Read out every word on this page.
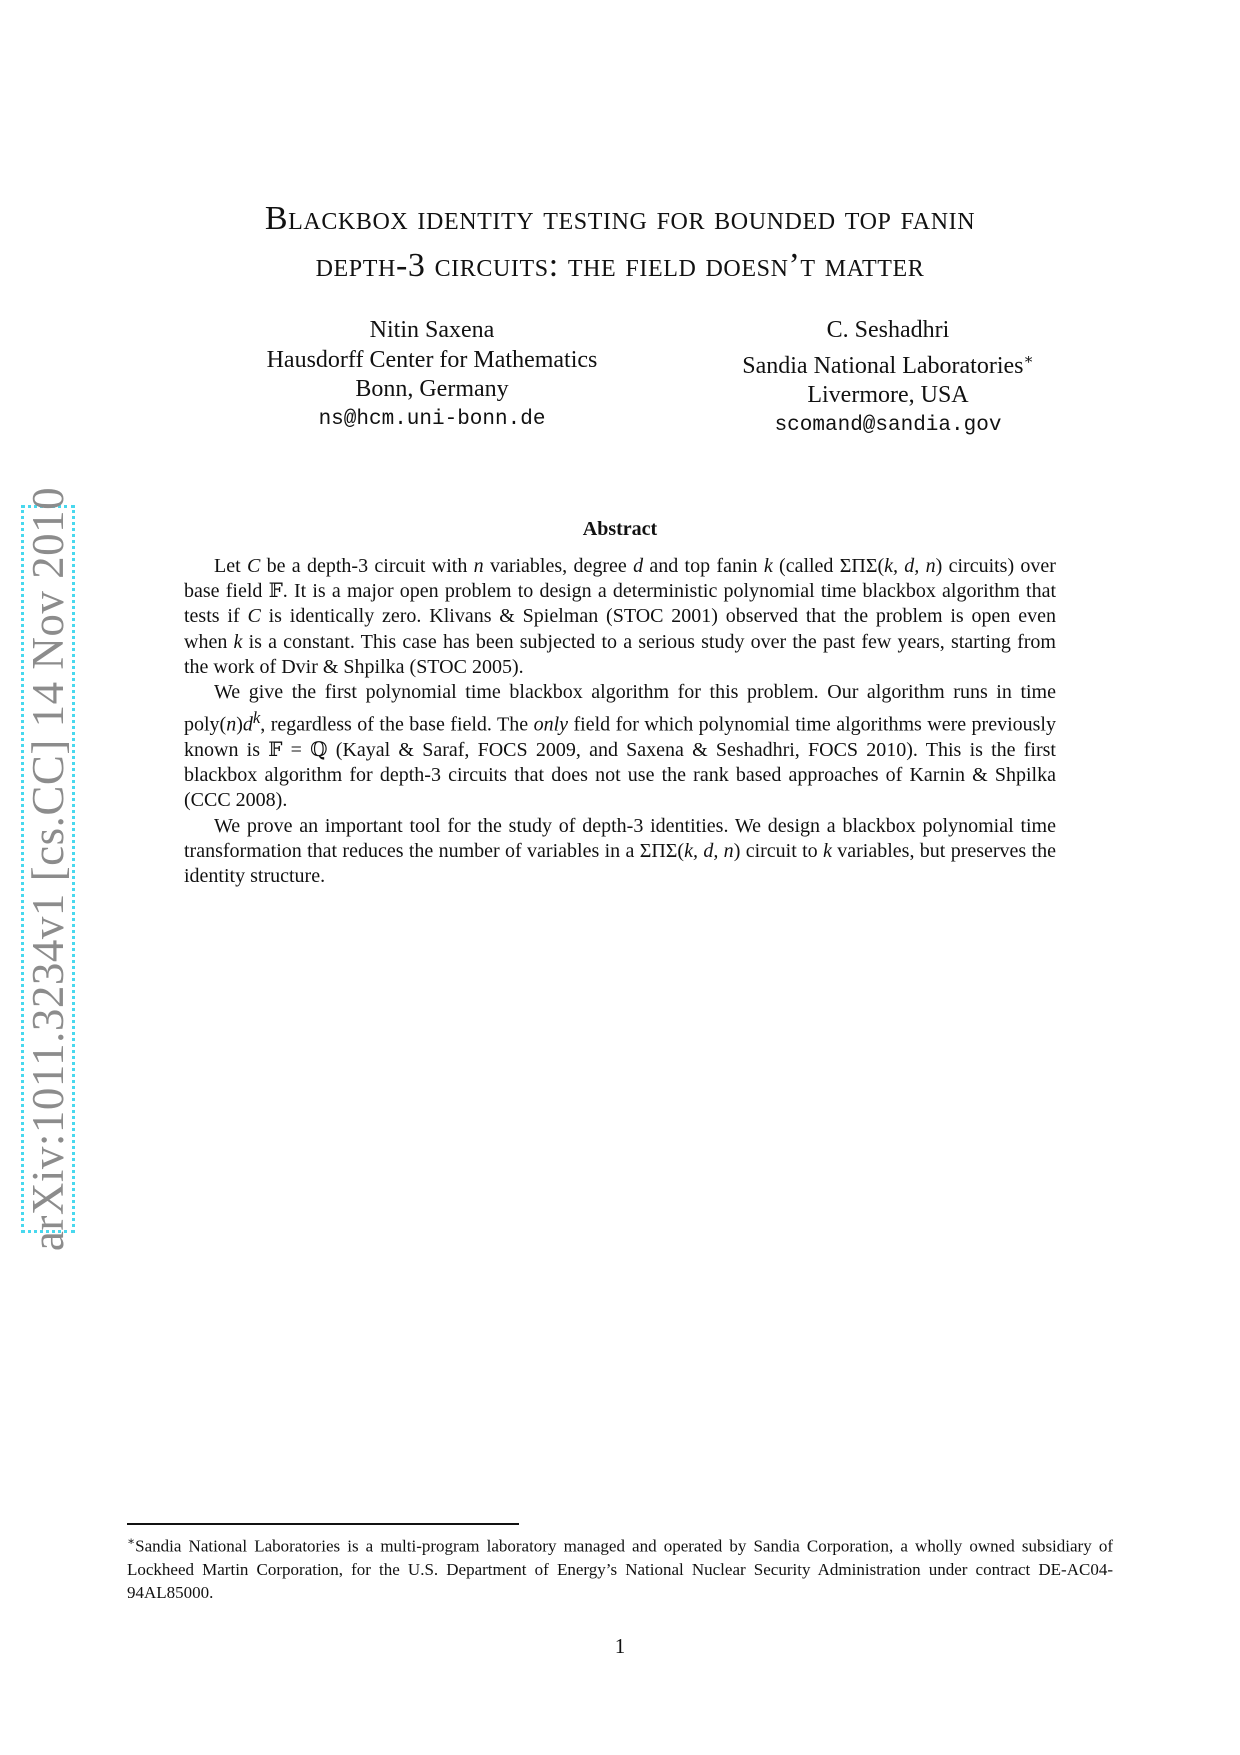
arXiv:1011.3234v1 [cs.CC] 14 Nov 2010
Blackbox identity testing for bounded top fanin
depth-3 circuits: the field doesn’t matter
Nitin Saxena
Hausdorff Center for Mathematics
Bonn, Germany
ns@hcm.uni-bonn.de
C. Seshadhri
Sandia National Laboratories∗
Livermore, USA
scomand@sandia.gov
Abstract

Let C be a depth-3 circuit with n variables, degree d and top fanin k (called ΣΠΣ(k, d, n) circuits) over base field 𝔽. It is a major open problem to design a deterministic polynomial time blackbox algorithm that tests if C is identically zero. Klivans & Spielman (STOC 2001) observed that the problem is open even when k is a constant. This case has been subjected to a serious study over the past few years, starting from the work of Dvir & Shpilka (STOC 2005).

We give the first polynomial time blackbox algorithm for this problem. Our algorithm runs in time $poly(n)d^k$, regardless of the base field. The only field for which polynomial time algorithms were previously known is 𝔽 = ℚ (Kayal & Saraf, FOCS 2009, and Saxena & Seshadhri, FOCS 2010). This is the first blackbox algorithm for depth-3 circuits that does not use the rank based approaches of Karnin & Shpilka (CCC 2008).

We prove an important tool for the study of depth-3 identities. We design a blackbox polynomial time transformation that reduces the number of variables in a ΣΠΣ(k, d, n) circuit to k variables, but preserves the identity structure.

∗Sandia National Laboratories is a multi-program laboratory managed and operated by Sandia Corporation, a wholly owned subsidiary of Lockheed Martin Corporation, for the U.S. Department of Energy’s National Nuclear Security Administration under contract DE-AC04-94AL85000.
1
